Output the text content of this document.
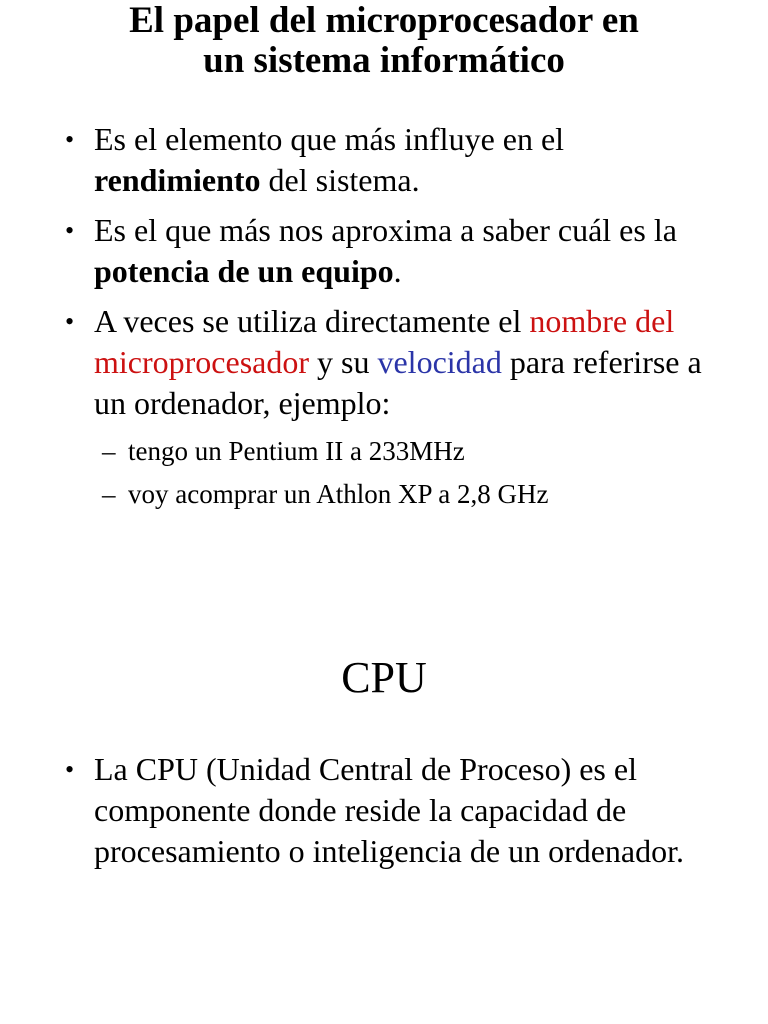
El papel del microprocesador en
un sistema informático
• Es el elemento que más influye en el rendimiento del sistema.
• Es el que más nos aproxima a saber cuál es la potencia de un equipo.
• A veces se utiliza directamente el nombre del microprocesador y su velocidad para referirse a un ordenador, ejemplo:
– tengo un Pentium II a 233MHz
– voy acomprar un Athlon XP a 2,8 GHz
CPU
• La CPU (Unidad Central de Proceso) es el componente donde reside la capacidad de procesamiento o inteligencia de un ordenador.
